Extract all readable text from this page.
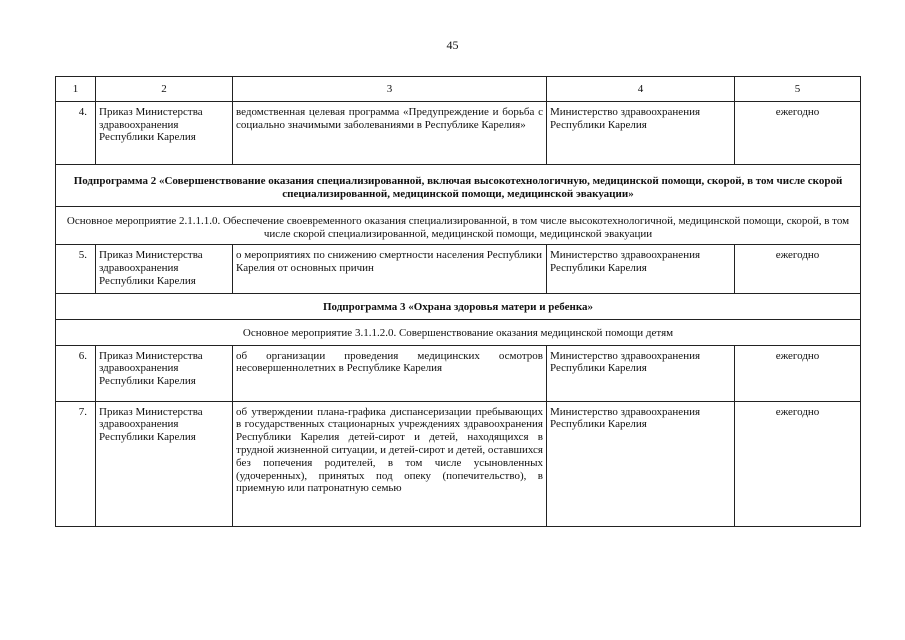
45
1	2	3	4	5
4.	Приказ Министерства здравоохранения Республики Карелия	ведомственная целевая программа «Предупреждение и борьба с социально значимыми заболеваниями в Республике Карелия»	Министерство здравоохранения Республики Карелия	ежегодно
Подпрограмма 2 «Совершенствование оказания специализированной, включая высокотехнологичную, медицинской помощи, скорой, в том числе скорой специализированной, медицинской помощи, медицинской эвакуации»				
Основное мероприятие 2.1.1.1.0. Обеспечение своевременного оказания специализированной, в том числе высокотехнологичной, медицинской помощи, скорой, в том числе скорой специализированной, медицинской помощи, медицинской эвакуации				
5.	Приказ Министерства здравоохранения Республики Карелия	о мероприятиях по снижению смертности населения Республики Карелия от основных причин	Министерство здравоохранения Республики Карелия	ежегодно
Подпрограмма 3 «Охрана здоровья матери и ребенка»				
Основное мероприятие 3.1.1.2.0. Совершенствование оказания медицинской помощи детям				
6.	Приказ Министерства здравоохранения Республики Карелия	об организации проведения медицинских осмотров несовершеннолетних в Республике Карелия	Министерство здравоохранения Республики Карелия	ежегодно
7.	Приказ Министерства здравоохранения Республики Карелия	об утверждении плана-графика диспансеризации пребывающих в государственных стационарных учреждениях здравоохранения Республики Карелия детей-сирот и детей, находящихся в трудной жизненной ситуации, и детей-сирот и детей, оставшихся без попечения родителей, в том числе усыновленных (удочеренных), принятых под опеку (попечительство), в приемную или патронатную семью	Министерство здравоохранения Республики Карелия	ежегодно
